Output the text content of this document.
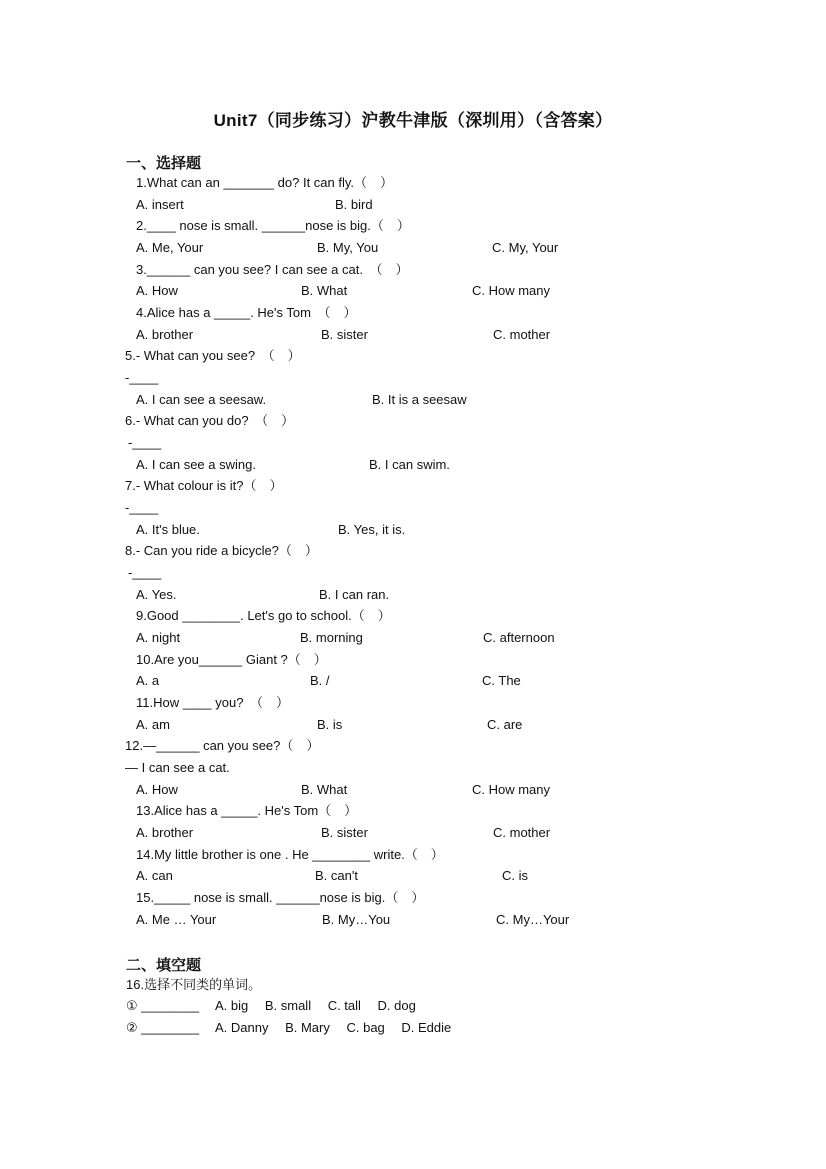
Unit7（同步练习）沪教牛津版（深圳用）（含答案）
一、选择题
1.What can an _______ do? It can fly.（　）
A. insert	B. bird
2.____ nose is small. ______nose is big.（　）
A. Me, Your	B. My, You	C. My, Your
3.______ can you see? I can see a cat.　（　）
A. How	B. What	C. How many
4.Alice has a _____. He's Tom　（　）
A. brother	B. sister	C. mother
5.- What can you see?　（　）
-____
A. I can see a seesaw.	B. It is a seesaw
6.- What can you do?　（　）
-____
A. I can see a swing.	B. I can swim.
7.- What colour is it?（　）
-____
A. It's blue.	B. Yes, it is.
8.- Can you ride a bicycle?（　）
-____
A. Yes.	B. I can ran.
9.Good ________. Let's go to school.（　）
A. night	B. morning	C. afternoon
10.Are you______ Giant ?（　）
A. a	B. /	C. The
11.How ____ you?　（　）
A. am	B. is	C. are
12.—______ can you see?（　）
— I can see a cat.
A. How	B. What	C. How many
13.Alice has a _____. He's Tom（　）
A. brother	B. sister	C. mother
14.My little brother is one . He ________ write.（　）
A. can	B. can't	C. is
15._____ nose is small. ______nose is big.（　）
A. Me … Your	B. My…You	C. My…Your
二、填空题
16.选择不同类的单词。
① ________　 A. big　 B. small　 C. tall　 D. dog
② ________　 A. Danny　 B. Mary　 C. bag　 D. Eddie
